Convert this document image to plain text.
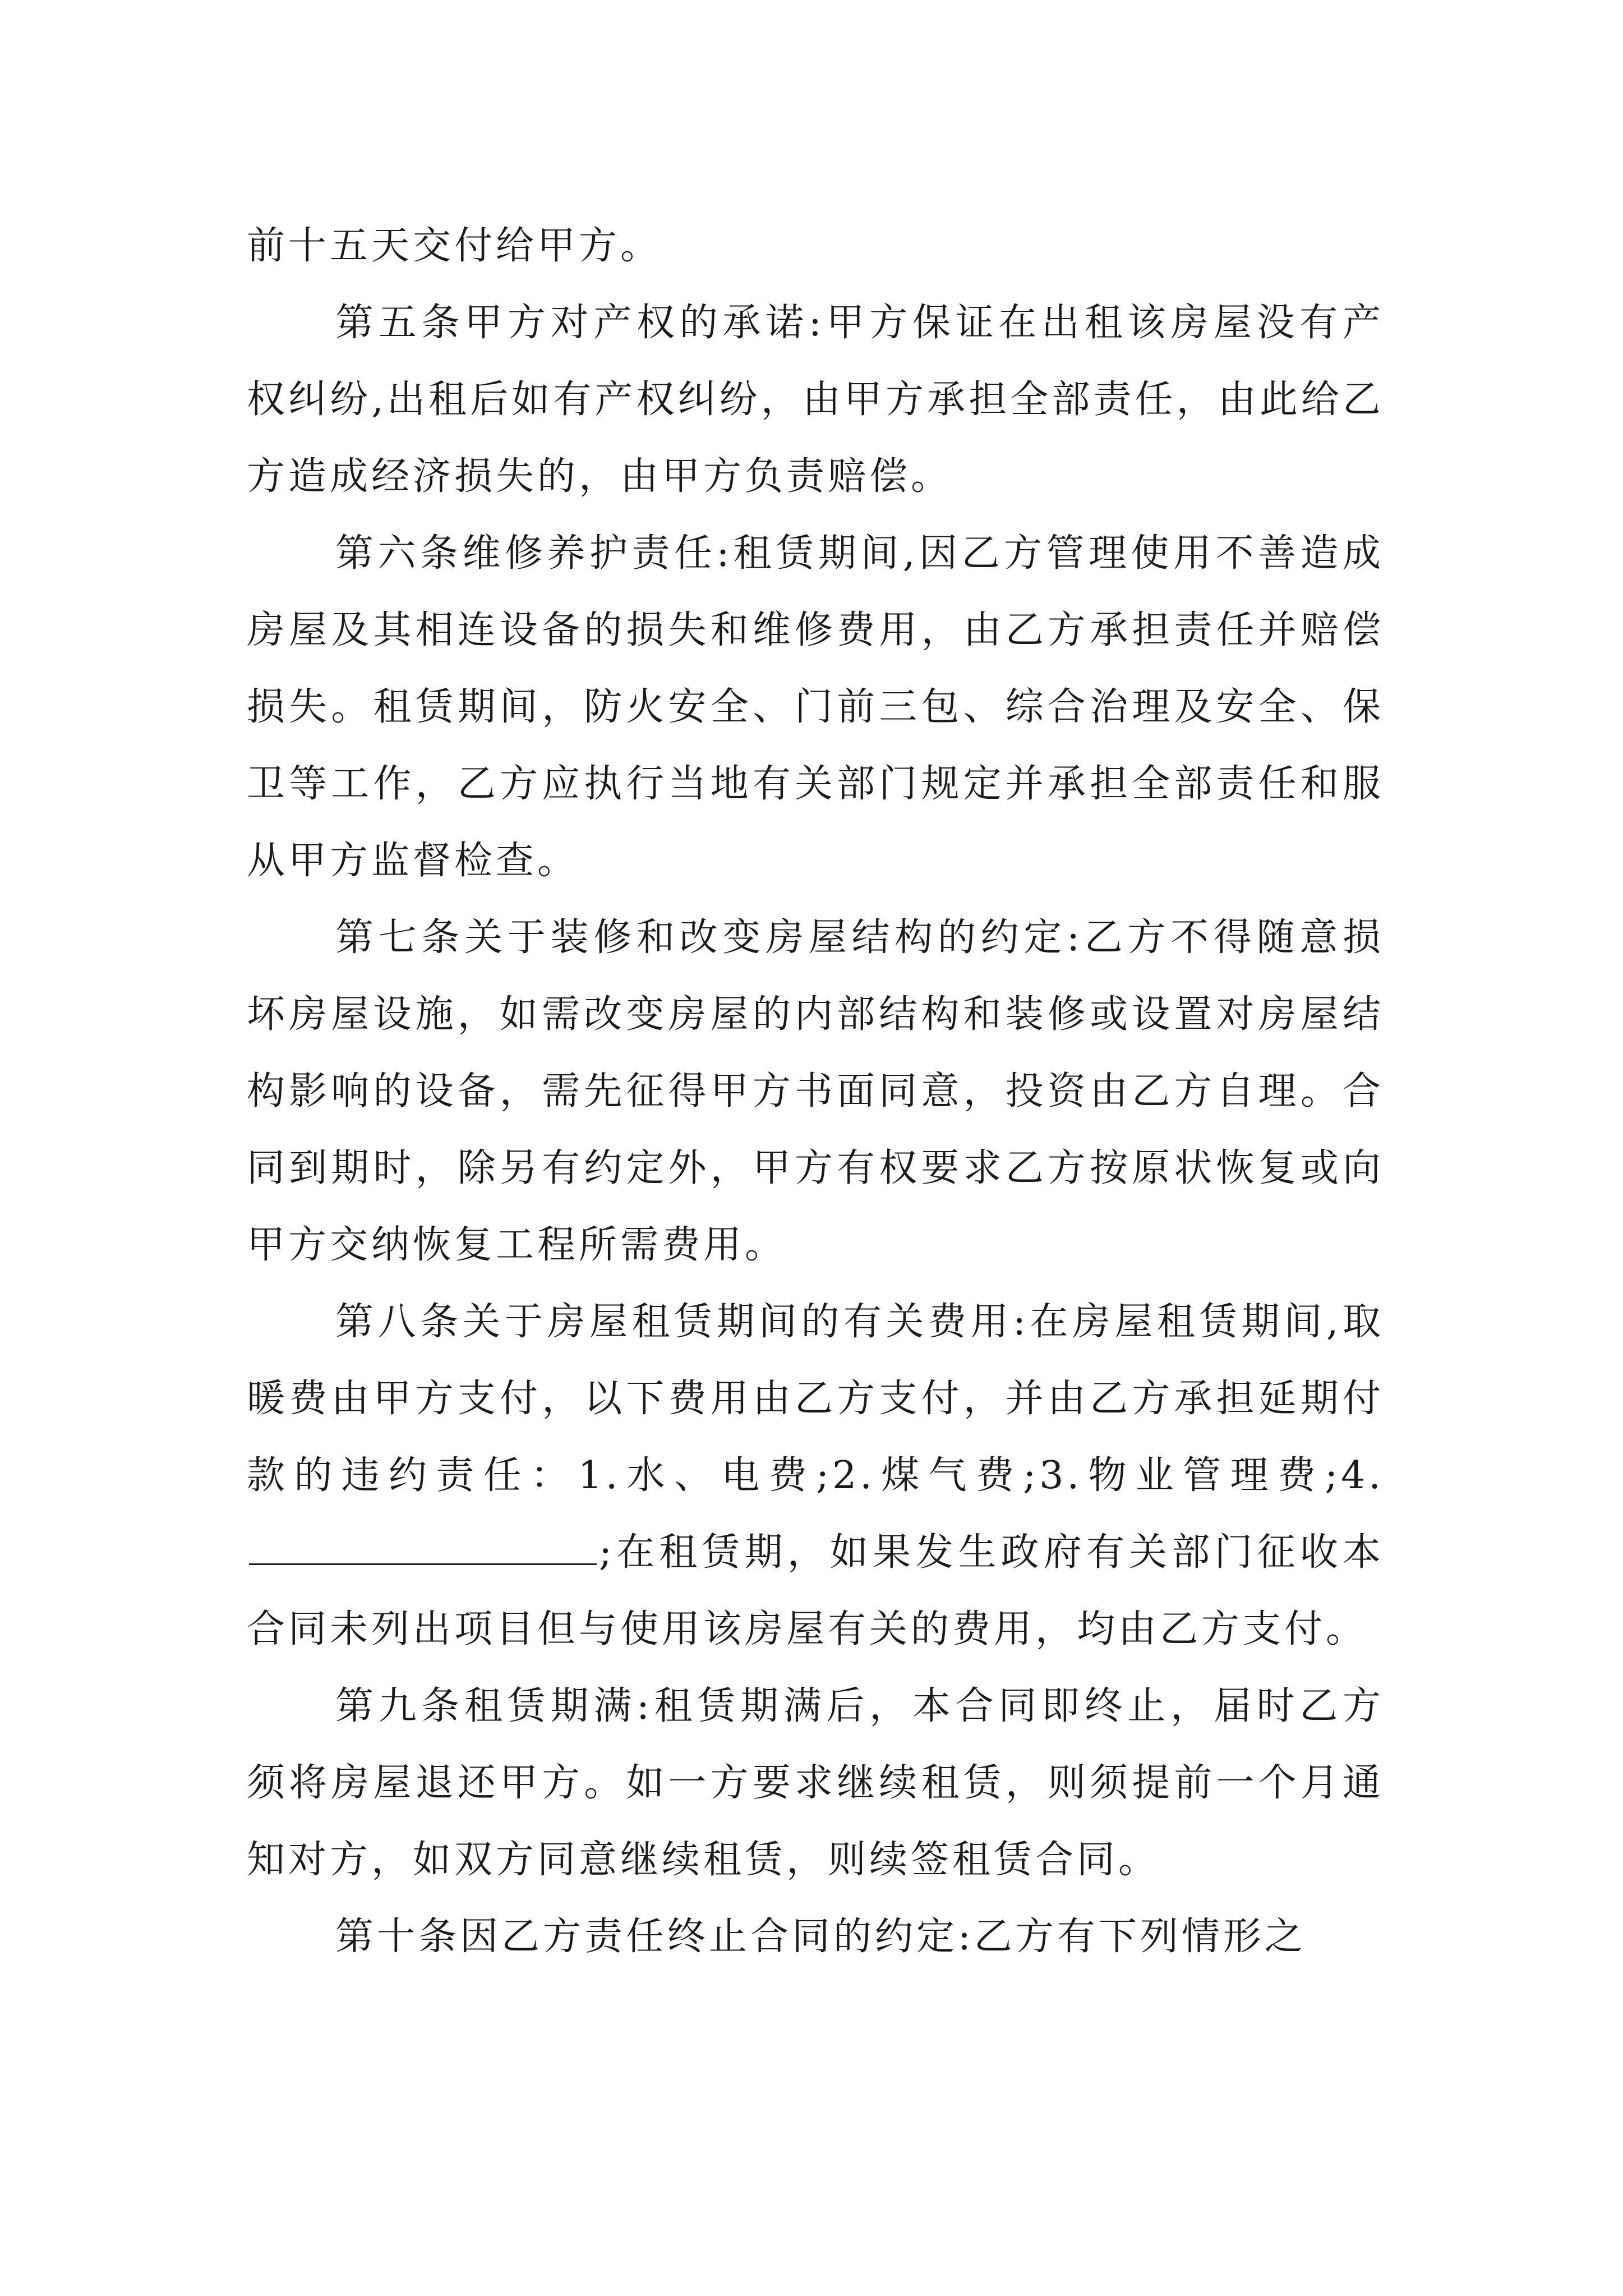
前十五天交付给甲方。

第五条甲方对产权的承诺:甲方保证在出租该房屋没有产权纠纷,出租后如有产权纠纷，由甲方承担全部责任，由此给乙方造成经济损失的，由甲方负责赔偿。

第六条维修养护责任:租赁期间,因乙方管理使用不善造成房屋及其相连设备的损失和维修费用，由乙方承担责任并赔偿损失。租赁期间，防火安全、门前三包、综合治理及安全、保卫等工作，乙方应执行当地有关部门规定并承担全部责任和服从甲方监督检查。

第七条关于装修和改变房屋结构的约定:乙方不得随意损坏房屋设施，如需改变房屋的内部结构和装修或设置对房屋结构影响的设备，需先征得甲方书面同意，投资由乙方自理。合同到期时，除另有约定外，甲方有权要求乙方按原状恢复或向甲方交纳恢复工程所需费用。

第八条关于房屋租赁期间的有关费用:在房屋租赁期间,取暖费由甲方支付，以下费用由乙方支付，并由乙方承担延期付款的违约责任：1.水、电费;2.煤气费;3.物业管理费;4.;在租赁期，如果发生政府有关部门征收本合同未列出项目但与使用该房屋有关的费用，均由乙方支付。

第九条租赁期满:租赁期满后，本合同即终止，届时乙方须将房屋退还甲方。如一方要求继续租赁，则须提前一个月通知对方，如双方同意继续租赁，则续签租赁合同。

第十条因乙方责任终止合同的约定:乙方有下列情形之
